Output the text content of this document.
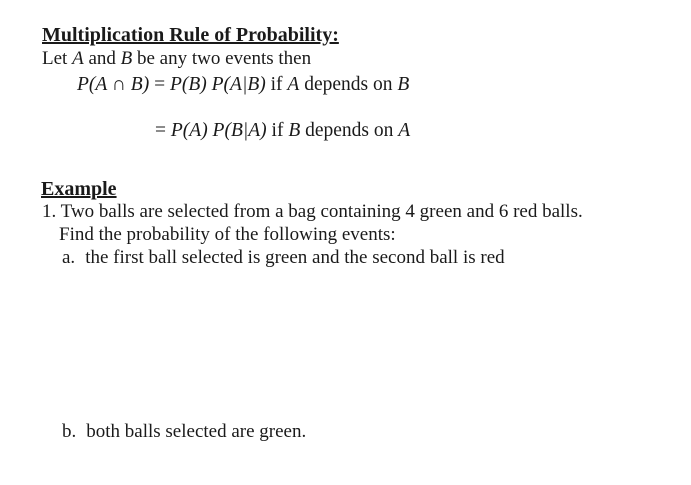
Multiplication Rule of Probability:
Let A and B be any two events then
P(A ∩ B) = P(B) P(A|B) if A depends on B
= P(A) P(B|A) if B depends on A
Example
1. Two balls are selected from a bag containing 4 green and 6 red balls.
Find the probability of the following events:
a. the first ball selected is green and the second ball is red
b. both balls selected are green.
